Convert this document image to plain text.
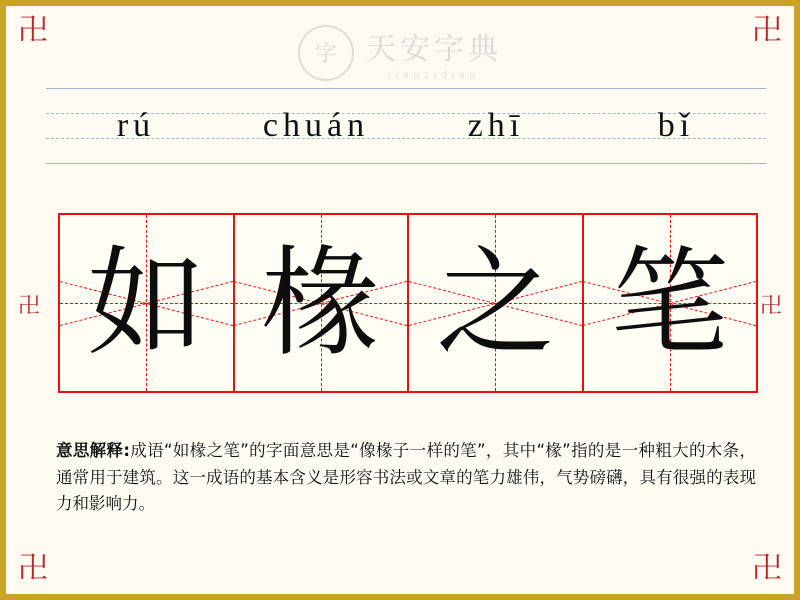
卍	卍
卍	卍
卍	卍
字 天安字典
tianzidian
rú	chuán	zhī	bǐ
如 椽 之 笔
意思解释:成语“如椽之笔”的字面意思是“像椽子一样的笔”，其中“椽”指的是一种粗大的木条，通常用于建筑。这一成语的基本含义是形容书法或文章的笔力雄伟，气势磅礴，具有很强的表现力和影响力。
